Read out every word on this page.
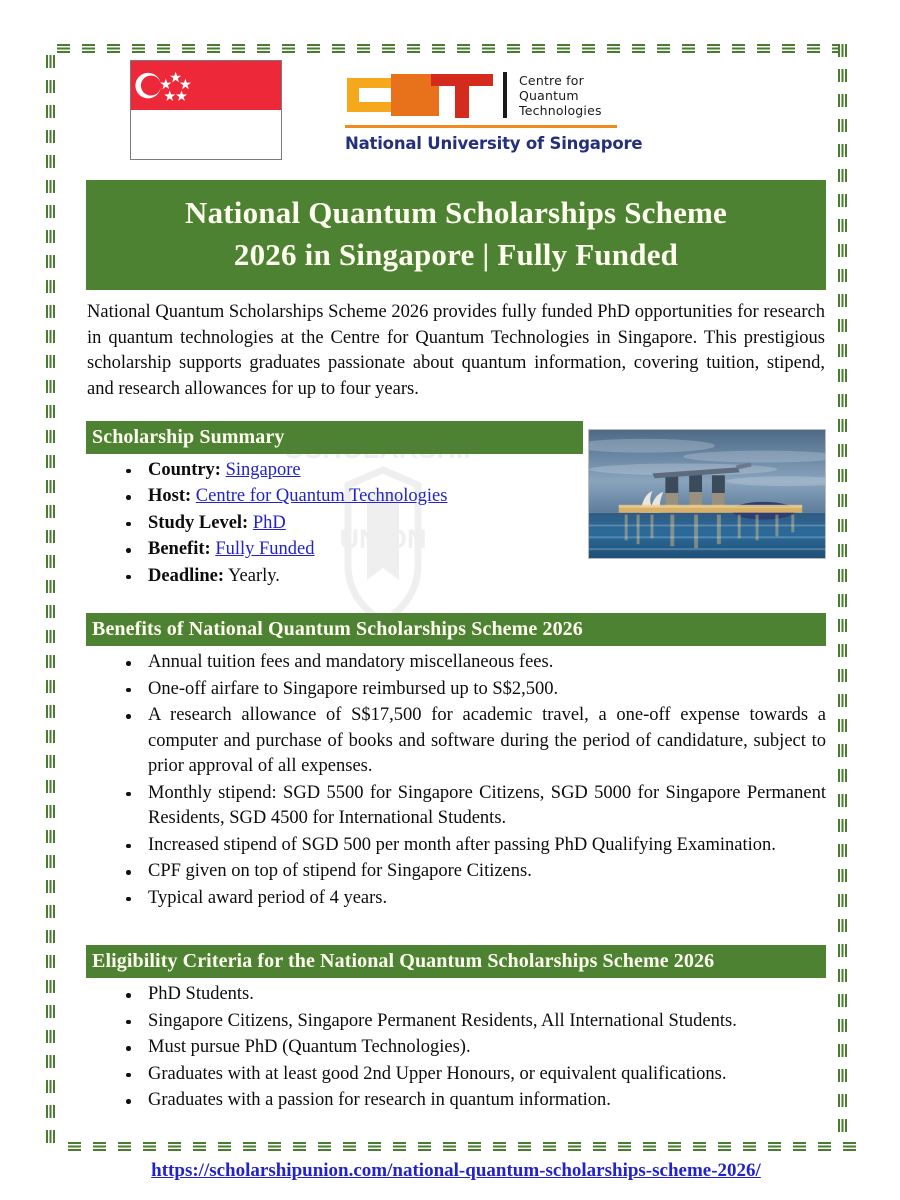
UNION
Centre for
Quantum
Technologies
National University of Singapore
National Quantum Scholarships Scheme
2026 in Singapore | Fully Funded

National Quantum Scholarships Scheme 2026 provides fully funded PhD opportunities for research in quantum technologies at the Centre for Quantum Technologies in Singapore. This prestigious scholarship supports graduates passionate about quantum information, covering tuition, stipend, and research allowances for up to four years.

Scholarship Summary
Country: Singapore
Host: Centre for Quantum Technologies
Study Level: PhD
Benefit: Fully Funded
Deadline: Yearly.
Benefits of National Quantum Scholarships Scheme 2026
Annual tuition fees and mandatory miscellaneous fees.
One-off airfare to Singapore reimbursed up to S$2,500.
A research allowance of S$17,500 for academic travel, a one-off expense towards a computer and purchase of books and software during the period of candidature, subject to prior approval of all expenses.
Monthly stipend: SGD 5500 for Singapore Citizens, SGD 5000 for Singapore Permanent Residents, SGD 4500 for International Students.
Increased stipend of SGD 500 per month after passing PhD Qualifying Examination.
CPF given on top of stipend for Singapore Citizens.
Typical award period of 4 years.
Eligibility Criteria for the National Quantum Scholarships Scheme 2026
PhD Students.
Singapore Citizens, Singapore Permanent Residents, All International Students.
Must pursue PhD (Quantum Technologies).
Graduates with at least good 2nd Upper Honours, or equivalent qualifications.
Graduates with a passion for research in quantum information.
https://scholarshipunion.com/national-quantum-scholarships-scheme-2026/
